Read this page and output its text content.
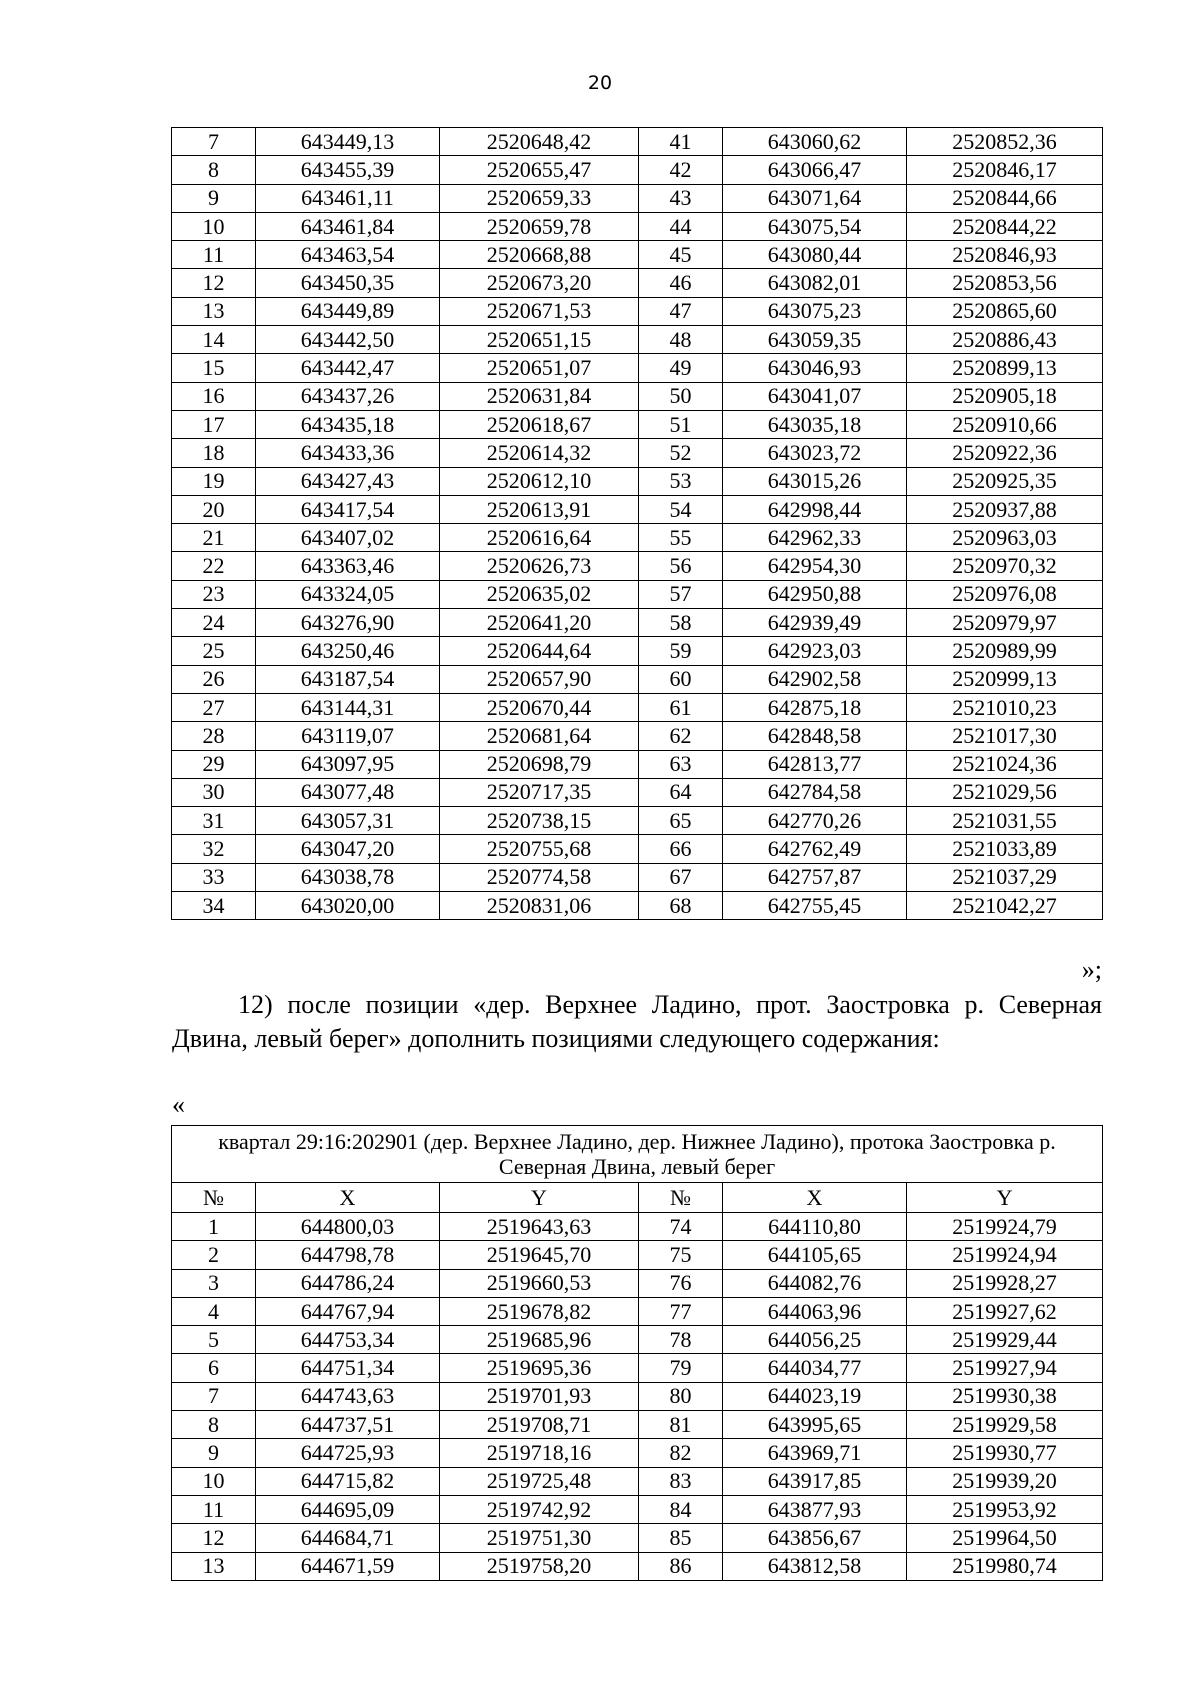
20
7	643449,13	2520648,42	41	643060,62	2520852,36
8	643455,39	2520655,47	42	643066,47	2520846,17
9	643461,11	2520659,33	43	643071,64	2520844,66
10	643461,84	2520659,78	44	643075,54	2520844,22
11	643463,54	2520668,88	45	643080,44	2520846,93
12	643450,35	2520673,20	46	643082,01	2520853,56
13	643449,89	2520671,53	47	643075,23	2520865,60
14	643442,50	2520651,15	48	643059,35	2520886,43
15	643442,47	2520651,07	49	643046,93	2520899,13
16	643437,26	2520631,84	50	643041,07	2520905,18
17	643435,18	2520618,67	51	643035,18	2520910,66
18	643433,36	2520614,32	52	643023,72	2520922,36
19	643427,43	2520612,10	53	643015,26	2520925,35
20	643417,54	2520613,91	54	642998,44	2520937,88
21	643407,02	2520616,64	55	642962,33	2520963,03
22	643363,46	2520626,73	56	642954,30	2520970,32
23	643324,05	2520635,02	57	642950,88	2520976,08
24	643276,90	2520641,20	58	642939,49	2520979,97
25	643250,46	2520644,64	59	642923,03	2520989,99
26	643187,54	2520657,90	60	642902,58	2520999,13
27	643144,31	2520670,44	61	642875,18	2521010,23
28	643119,07	2520681,64	62	642848,58	2521017,30
29	643097,95	2520698,79	63	642813,77	2521024,36
30	643077,48	2520717,35	64	642784,58	2521029,56
31	643057,31	2520738,15	65	642770,26	2521031,55
32	643047,20	2520755,68	66	642762,49	2521033,89
33	643038,78	2520774,58	67	642757,87	2521037,29
34	643020,00	2520831,06	68	642755,45	2521042,27
»;

12) после позиции «дер. Верхнее Ладино, прот. Заостровка р. Северная Двина, левый берег» дополнить позициями следующего содержания:

«
квартал 29:16:202901 (дер. Верхнее Ладино, дер. Нижнее Ладино), протока Заостровка р. Северная Двина, левый берег					
№	X	Y	№	X	Y
1	644800,03	2519643,63	74	644110,80	2519924,79
2	644798,78	2519645,70	75	644105,65	2519924,94
3	644786,24	2519660,53	76	644082,76	2519928,27
4	644767,94	2519678,82	77	644063,96	2519927,62
5	644753,34	2519685,96	78	644056,25	2519929,44
6	644751,34	2519695,36	79	644034,77	2519927,94
7	644743,63	2519701,93	80	644023,19	2519930,38
8	644737,51	2519708,71	81	643995,65	2519929,58
9	644725,93	2519718,16	82	643969,71	2519930,77
10	644715,82	2519725,48	83	643917,85	2519939,20
11	644695,09	2519742,92	84	643877,93	2519953,92
12	644684,71	2519751,30	85	643856,67	2519964,50
13	644671,59	2519758,20	86	643812,58	2519980,74
